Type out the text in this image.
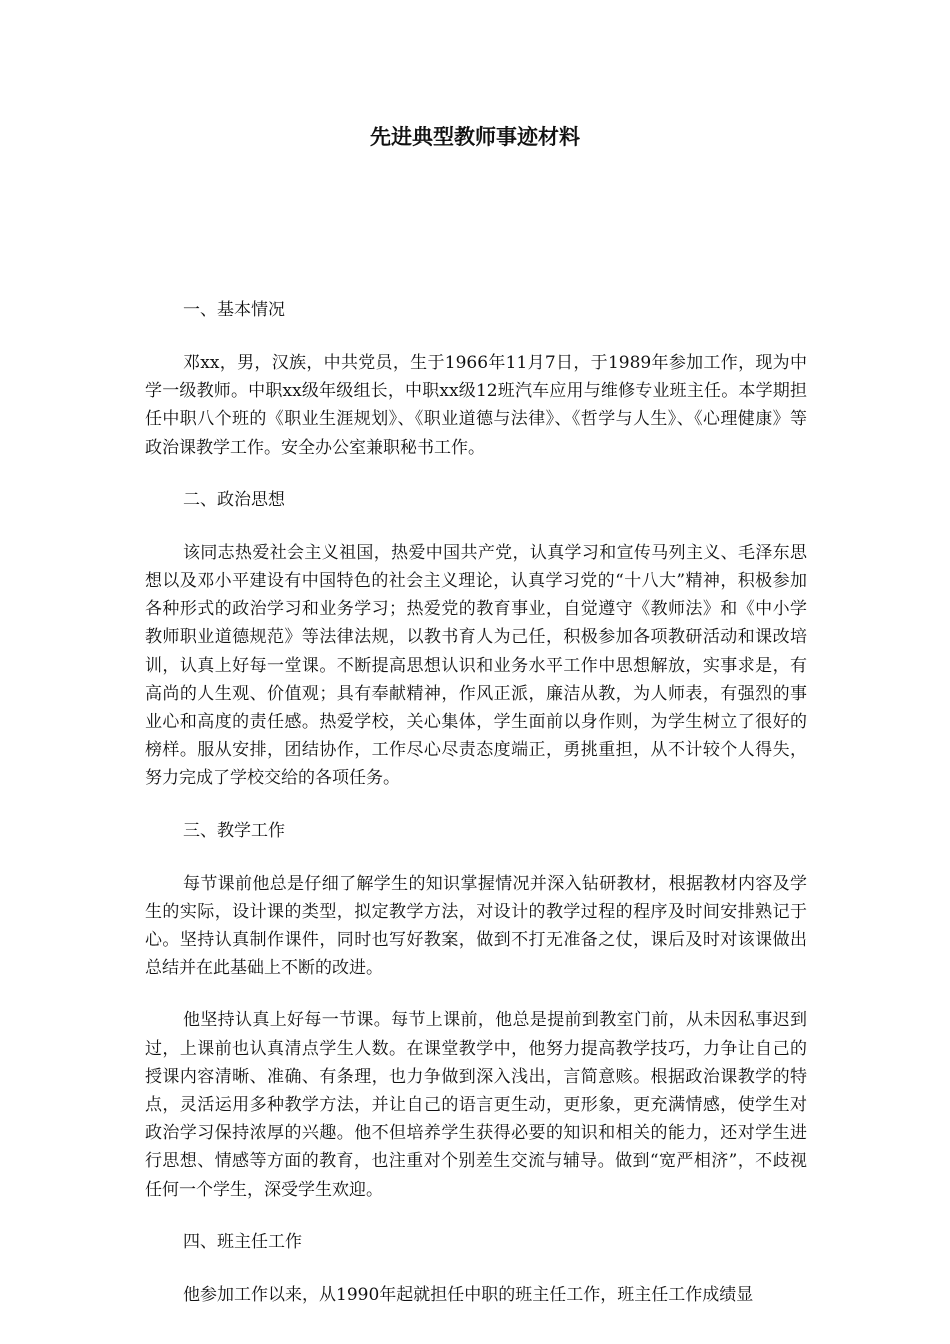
先进典型教师事迹材料

一、基本情况

邓xx，男，汉族，中共党员，生于1966年11月7日，于1989年参加工作，现为中学一级教师。中职xx级年级组长，中职xx级12班汽车应用与维修专业班主任。本学期担任中职八个班的《职业生涯规划》、《职业道德与法律》、《哲学与人生》、《心理健康》等政治课教学工作。安全办公室兼职秘书工作。

二、政治思想

该同志热爱社会主义祖国，热爱中国共产党，认真学习和宣传马列主义、毛泽东思想以及邓小平建设有中国特色的社会主义理论，认真学习党的“十八大”精神，积极参加各种形式的政治学习和业务学习；热爱党的教育事业，自觉遵守《教师法》和《中小学教师职业道德规范》等法律法规，以教书育人为己任，积极参加各项教研活动和课改培训，认真上好每一堂课。不断提高思想认识和业务水平工作中思想解放，实事求是，有高尚的人生观、价值观；具有奉献精神，作风正派，廉洁从教，为人师表，有强烈的事业心和高度的责任感。热爱学校，关心集体，学生面前以身作则，为学生树立了很好的榜样。服从安排，团结协作，工作尽心尽责态度端正，勇挑重担，从不计较个人得失，努力完成了学校交给的各项任务。

三、教学工作

每节课前他总是仔细了解学生的知识掌握情况并深入钻研教材，根据教材内容及学生的实际，设计课的类型，拟定教学方法，对设计的教学过程的程序及时间安排熟记于心。坚持认真制作课件，同时也写好教案，做到不打无准备之仗，课后及时对该课做出总结并在此基础上不断的改进。

他坚持认真上好每一节课。每节上课前，他总是提前到教室门前，从未因私事迟到过，上课前也认真清点学生人数。在课堂教学中，他努力提高教学技巧，力争让自己的授课内容清晰、准确、有条理，也力争做到深入浅出，言简意赅。根据政治课教学的特点，灵活运用多种教学方法，并让自己的语言更生动，更形象，更充满情感，使学生对政治学习保持浓厚的兴趣。他不但培养学生获得必要的知识和相关的能力，还对学生进行思想、情感等方面的教育，也注重对个别差生交流与辅导。做到“宽严相济”，不歧视任何一个学生，深受学生欢迎。

四、班主任工作

他参加工作以来，从1990年起就担任中职的班主任工作，班主任工作成绩显
